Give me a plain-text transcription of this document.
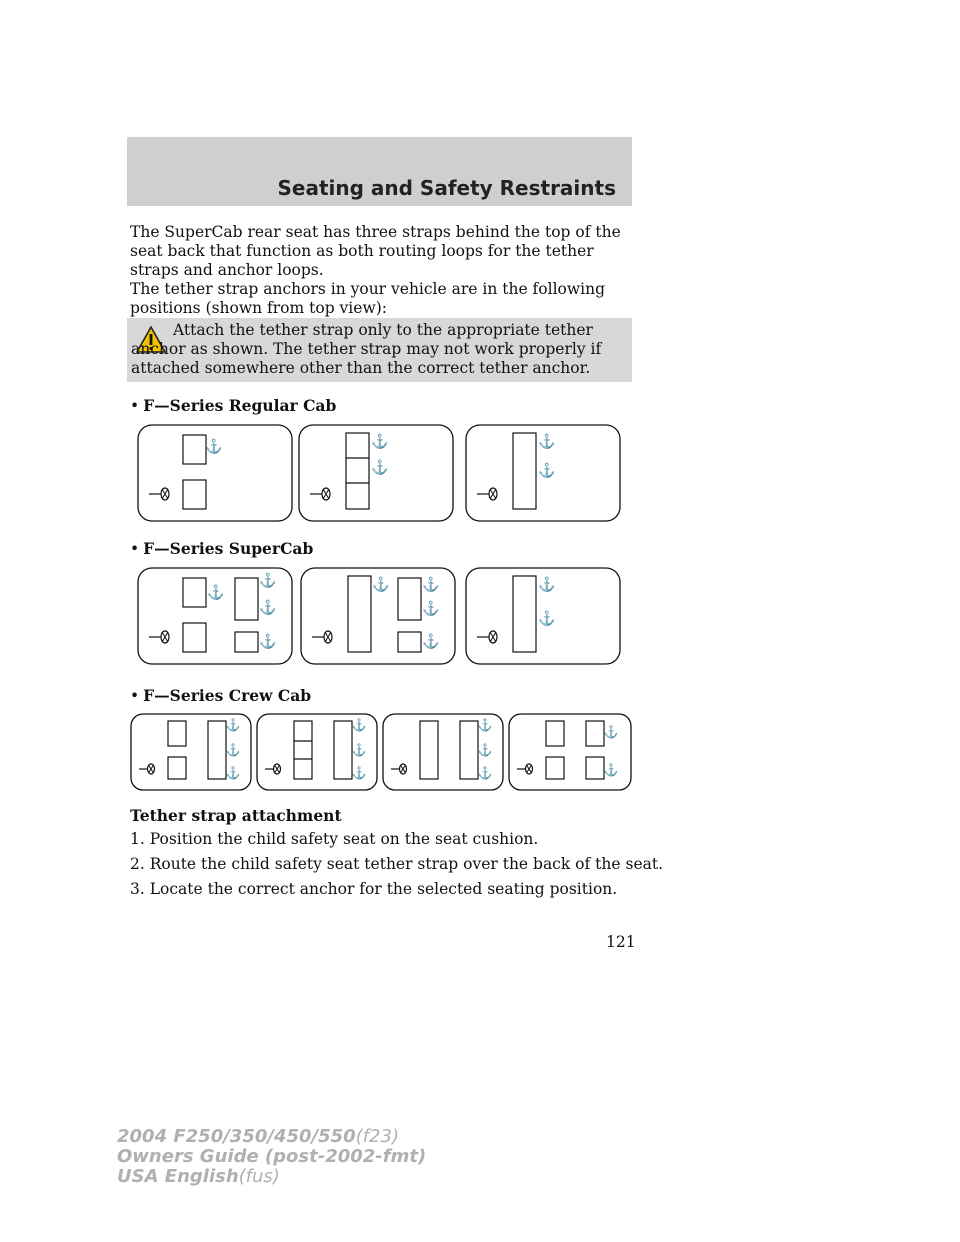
Seating and Safety Restraints

The SuperCab rear seat has three straps behind the top of the seat back that function as both routing loops for the tether straps and anchor loops.

The tether strap anchors in your vehicle are in the following positions (shown from top view):

Attach the tether strap only to the appropriate tether anchor as shown. The tether strap may not work properly if attached somewhere other than the correct tether anchor.

• F—Series Regular Cab
⚓	⚓
⚓
⚓
⚓
• F—Series SuperCab
⚓
⚓
⚓
⚓
⚓ ⚓
⚓
⚓
⚓
⚓
• F—Series Crew Cab
⚓
⚓
⚓
⚓
⚓
⚓
⚓
⚓
⚓
⚓
⚓
Tether strap attachment
1. Position the child safety seat on the seat cushion.
2. Route the child safety seat tether strap over the back of the seat.
3. Locate the correct anchor for the selected seating position.
121
2004 F250/350/450/550(f23)
Owners Guide (post-2002-fmt)
USA English(fus)
